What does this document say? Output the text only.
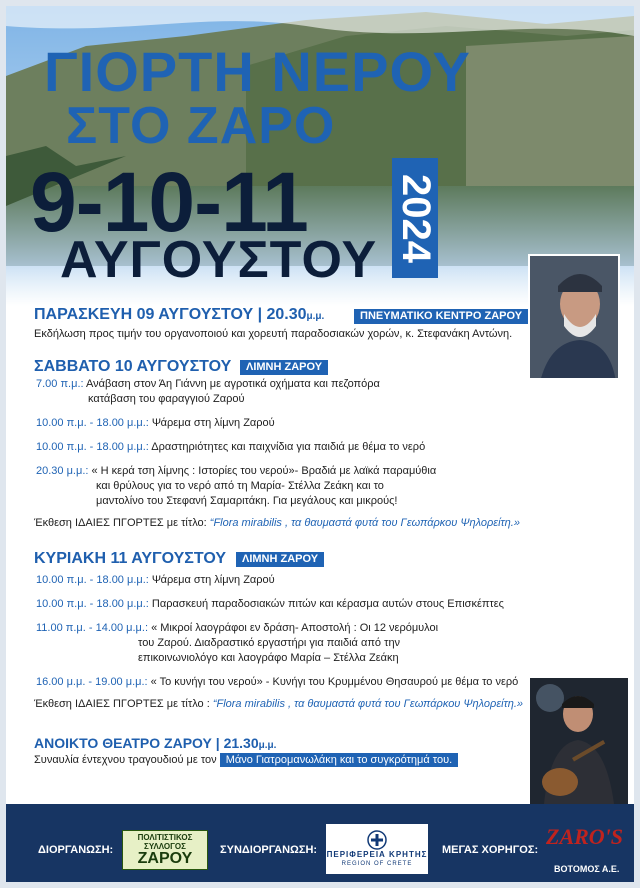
ΓΙΟΡΤΗ ΝΕΡΟΥ
ΣΤΟ ΖΑΡΟ
9-10-11
ΑΥΓΟΥΣΤΟΥ 2024
ΠΑΡΑΣΚΕΥΗ 09 ΑΥΓΟΥΣΤΟΥ | 20.30μ.μ.	ΠΝΕΥΜΑΤΙΚΟ ΚΕΝΤΡΟ ΖΑΡΟΥ
Εκδήλωση προς τιμήν του οργανοποιού και χορευτή παραδοσιακών χορών, κ. Στεφανάκη Αντώνη.
ΣΑΒΒΑΤΟ 10 ΑΥΓΟΥΣΤΟΥ	ΛΙΜΝΗ ΖΑΡΟΥ
7.00 π.μ.: Ανάβαση στον Άη Γιάννη με αγροτικά οχήματα και πεζοπόρα
κατάβαση του φαραγγιού Ζαρού
10.00 π.μ. - 18.00 μ.μ.: Ψάρεμα στη λίμνη Ζαρού
10.00 π.μ. - 18.00 μ.μ.: Δραστηριότητες και παιχνίδια για παιδιά με θέμα το νερό
20.30 μ.μ.: « Η κερά τση λίμνης : Ιστορίες του νερού»- Βραδιά με λαϊκά παραμύθια
και θρύλους για το νερό από τη Μαρία- Στέλλα Ζεάκη και το
μαντολίνο του Στεφανή Σαμαριτάκη. Για μεγάλους και μικρούς!
Έκθεση ΙΔΑΙΕΣ ΠΓΟΡΤΕΣ με τίτλο: “Flora mirabilis , τα θαυμαστά φυτά του Γεωπάρκου Ψηλορείτη.»
ΚΥΡΙΑΚΗ 11 ΑΥΓΟΥΣΤΟΥ	ΛΙΜΝΗ ΖΑΡΟΥ
10.00 π.μ. - 18.00 μ.μ.: Ψάρεμα στη λίμνη Ζαρού
10.00 π.μ. - 18.00 μ.μ.: Παρασκευή παραδοσιακών πιτών και κέρασμα αυτών στους Επισκέπτες
11.00 π.μ. - 14.00 μ.μ.: « Μικροί λαογράφοι εν δράση- Αποστολή : Οι 12 νερόμυλοι
του Ζαρού. Διαδραστικό εργαστήρι για παιδιά από την
επικοινωνιολόγο και λαογράφο Μαρία – Στέλλα Ζεάκη
16.00 μ.μ. - 19.00 μ.μ.: « Το κυνήγι του νερού» - Κυνήγι του Κρυμμένου Θησαυρού με θέμα το νερό
Έκθεση ΙΔΑΙΕΣ ΠΓΟΡΤΕΣ με τίτλο : “Flora mirabilis , τα θαυμαστά φυτά του Γεωπάρκου Ψηλορείτη.»
ΑΝΟΙΚΤΟ ΘΕΑΤΡΟ ΖΑΡΟΥ | 21.30μ.μ.
Συναυλία έντεχνου τραγουδιού με τον Μάνο Γιατρομανωλάκη και το συγκρότημά του.
ΔΙΟΡΓΑΝΩΣΗ:
ΠΟΛΙΤΙΣΤΙΚΟΣ
ΣΥΛΛΟΓΟΣ
ΖΑΡΟΥ	ΣΥΝΔΙΟΡΓΑΝΩΣΗ: ΠΕΡΙΦΕΡΕΙΑ ΚΡΗΤΗΣ
REGION OF CRETE
ΜΕΓΑΣ ΧΟΡΗΓΟΣ:
ZARO'S
ΒΟΤΟΜΟΣ Α.Ε.
